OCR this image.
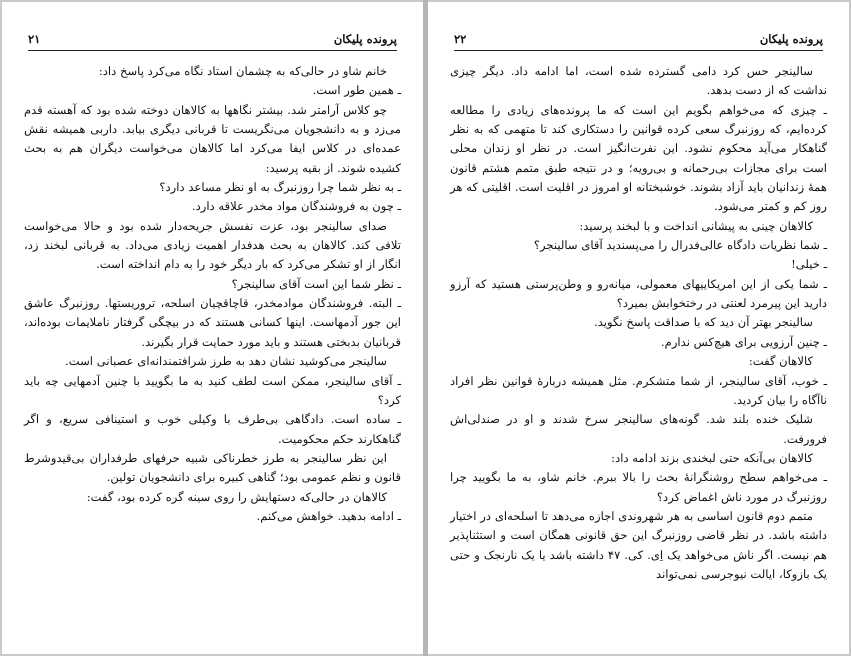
پرونده پلیکان
۲۱

خانم شاو در حالی‌که به چشمان استاد نگاه می‌کرد پاسخ داد:

ـ همین طور است.

چو کلاس آرامتر شد. بیشتر نگاهها به کالاهان دوخته شده بود که آهسته قدم می‌زد و به دانشجویان می‌نگریست تا قربانی دیگری بیابد. داربی همیشه نقش عمده‌ای در کلاس ایفا می‌کرد اما کالاهان می‌خواست دیگران هم به بحث کشیده شوند. از بقیه پرسید:

ـ به نظر شما چرا روزنبرگ به او نظر مساعد دارد؟

ـ چون به فروشندگان مواد مخدر علاقه دارد.

صدای سالینجر بود، عزت نفسش جریحه‌دار شده بود و حالا می‌خواست تلافی کند. کالاهان به بحث هدفدار اهمیت زیادی می‌داد. به قربانی لبخند زد، انگار از او تشکر می‌کرد که بار دیگر خود را به دام انداخته است.

ـ نظر شما این است آقای سالینجر؟

ـ البته. فروشندگان موادمخدر، قاچاقچیان اسلحه، تروریستها. روزنبرگ عاشق این جور آدمهاست. اینها کسانی هستند که در بیچگی گرفتار ناملایمات بوده‌اند، قربانیان بدبختی هستند و باید مورد حمایت قرار بگیرند.

سالینجر می‌کوشید نشان دهد به طرز شرافتمندانه‌ای عصبانی است.

ـ آقای سالینجر، ممکن است لطف کنید به ما بگویید با چنین آدمهایی چه باید کرد؟

ـ ساده است. دادگاهی بی‌طرف با وکیلی خوب و استینافی سریع، و اگر گناهکارند حکم محکومیت.

این نظر سالینجر به طرز خطرناکی شبیه حرفهای طرفداران بی‌قیدوشرط قانون و نظم عمومی بود؛ گناهی کبیره برای دانشجویان تولین.

کالاهان در حالی‌که دستهایش را روی سینه گره کرده بود، گفت:

ـ ادامه بدهید. خواهش می‌کنم.

پرونده پلیکان
۲۲

سالینجر حس کرد دامی گسترده شده است، اما ادامه داد. دیگر چیزی نداشت که از دست بدهد.

ـ چیزی که می‌خواهم بگویم این است که ما پرونده‌های زیادی را مطالعه کرده‌ایم، که روزنبرگ سعی کرده قوانین را دستکاری کند تا متهمی که به نظر گناهکار می‌آید محکوم نشود. این نفرت‌انگیز است. در نظر او زندان محلی است برای مجازات بی‌رحمانه و بی‌رویه؛ و در نتیجه طبق متمم هشتم قانون همهٔ زندانیان باید آزاد بشوند. خوشبختانه او امروز در اقلیت است. اقلیتی که هر روز کم و کمتر می‌شود.

کالاهان چینی به پیشانی انداخت و با لبخند پرسید:

ـ شما نظریات دادگاه عالی‌فدرال را می‌پسندید آقای سالینجر؟

ـ خیلی!

ـ شما یکی از این امریکاییهای معمولی، میانه‌رو و وطن‌پرستی هستید که آرزو دارید این پیرمرد لعنتی در رختخوابش بمیرد؟

سالینجر بهتر آن دید که با صداقت پاسخ نگوید.

ـ چنین آرزویی برای هیچ‌کس ندارم.

کالاهان گفت:

ـ خوب، آقای سالینجر، از شما متشکرم. مثل همیشه دربارهٔ قوانین نظر افراد ناآگاه را بیان کردید.

شلیک خنده بلند شد. گونه‌های سالینجر سرخ شدند و او در صندلی‌اش فرورفت.

کالاهان بی‌آنکه حتی لبخندی بزند ادامه داد:

ـ می‌خواهم سطح روشنگرانهٔ بحث را بالا ببرم. خانم شاو، به ما بگویید چرا روزنبرگ در مورد ناش اغماض کرد؟

متمم دوم قانون اساسی به هر شهروندی اجازه می‌دهد تا اسلحه‌ای در اختیار داشته باشد. در نظر قاضی روزنبرگ این حق قانونی همگان است و استثناپذیر هم نیست. اگر ناش می‌خواهد یک اِی. کی. ۴۷ داشته باشد یا یک نارنجک و حتی یک بازوکا، ایالت نیوجرسی نمی‌تواند
